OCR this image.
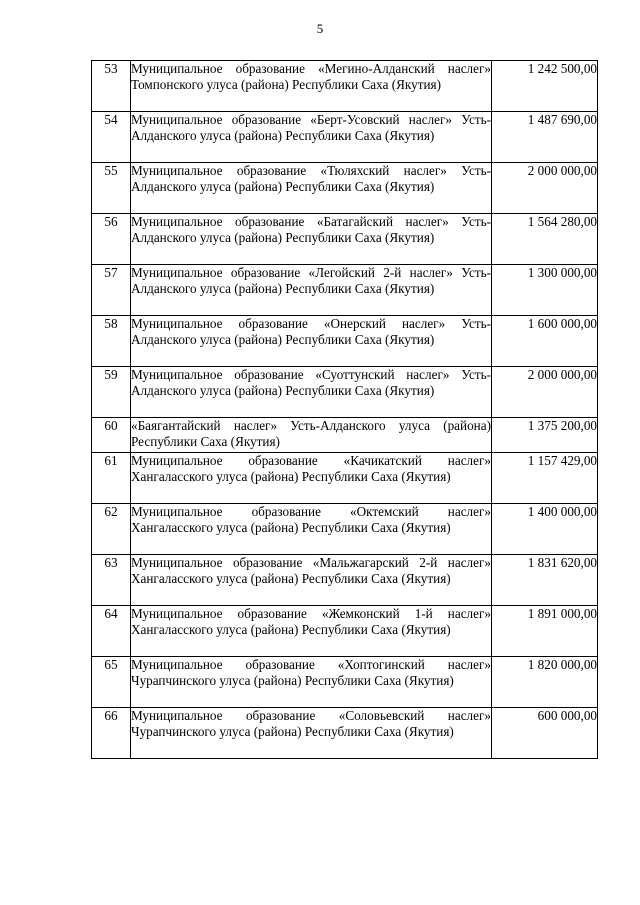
5
53	Муниципальное образование «Мегино-Алданский наслег» Томпонского улуса (района) Республики Саха (Якутия)	1 242 500,00
54	Муниципальное образование «Берт-Усовский наслег» Усть-Алданского улуса (района) Республики Саха (Якутия)	1 487 690,00
55	Муниципальное образование «Тюляхский наслег» Усть-Алданского улуса (района) Республики Саха (Якутия)	2 000 000,00
56	Муниципальное образование «Батагайский наслег» Усть-Алданского улуса (района) Республики Саха (Якутия)	1 564 280,00
57	Муниципальное образование «Легойский 2-й наслег» Усть-Алданского улуса (района) Республики Саха (Якутия)	1 300 000,00
58	Муниципальное образование «Онерский наслег» Усть-Алданского улуса (района) Республики Саха (Якутия)	1 600 000,00
59	Муниципальное образование «Суоттунский наслег» Усть-Алданского улуса (района) Республики Саха (Якутия)	2 000 000,00
60	«Баягантайский наслег» Усть-Алданского улуса (района) Республики Саха (Якутия)	1 375 200,00
61	Муниципальное образование «Качикатский наслег» Хангаласского улуса (района) Республики Саха (Якутия)	1 157 429,00
62	Муниципальное образование «Октемский наслег» Хангаласского улуса (района) Республики Саха (Якутия)	1 400 000,00
63	Муниципальное образование «Мальжагарский 2-й наслег» Хангаласского улуса (района) Республики Саха (Якутия)	1 831 620,00
64	Муниципальное образование «Жемконский 1-й наслег» Хангаласского улуса (района) Республики Саха (Якутия)	1 891 000,00
65	Муниципальное образование «Хоптогинский наслег» Чурапчинского улуса (района) Республики Саха (Якутия)	1 820 000,00
66	Муниципальное образование «Соловьевский наслег» Чурапчинского улуса (района) Республики Саха (Якутия)	600 000,00
